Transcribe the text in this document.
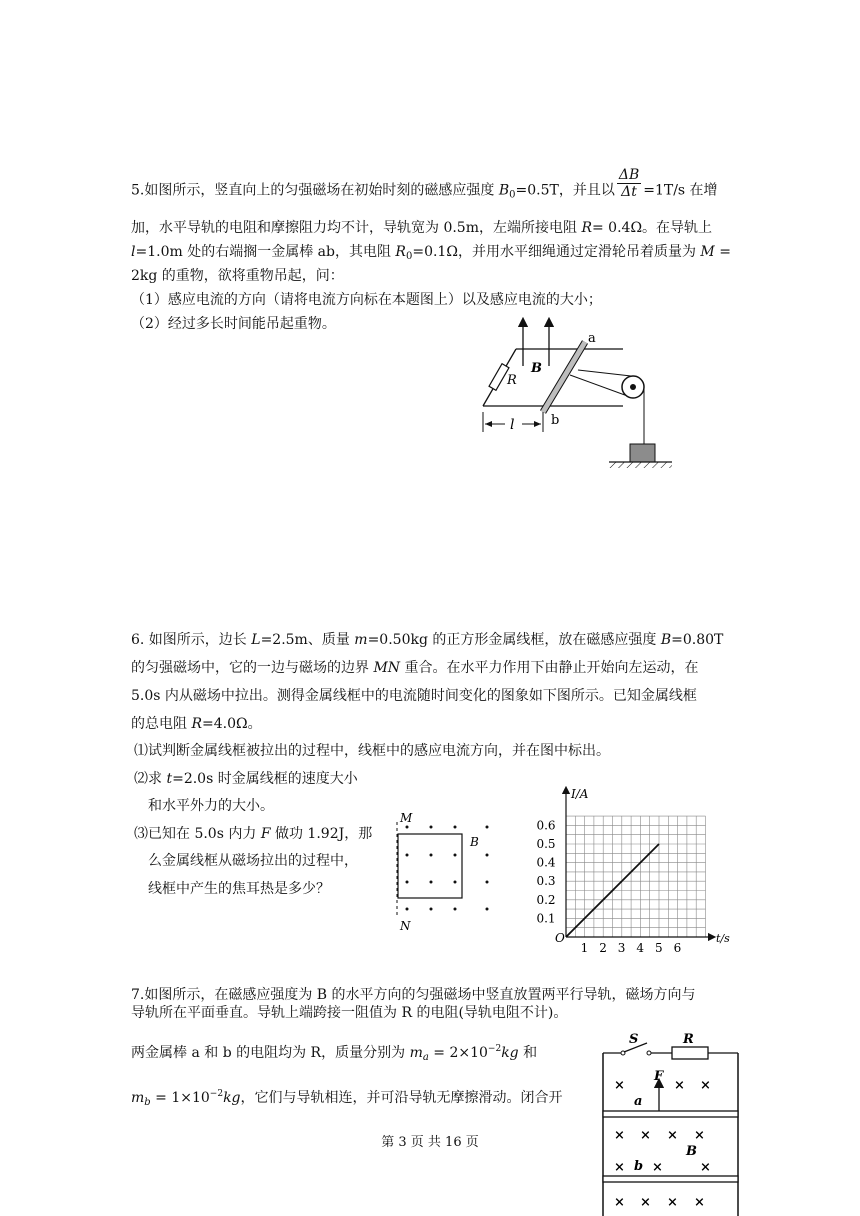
5.如图所示，竖直向上的匀强磁场在初始时刻的磁感应强度 $B_0=0.5T$，并且以 $\frac{\Delta B}{\Delta t} =1T/s$ 在增
加，水平导轨的电阻和摩擦阻力均不计，导轨宽为 0.5m，左端所接电阻 R= 0.4Ω。在导轨上
l=1.0m 处的右端搁一金属棒 ab，其电阻 $R_0=0.1\Omega$，并用水平细绳通过定滑轮吊着质量为 M =
2kg 的重物，欲将重物吊起，问：
（1）感应电流的方向（请将电流方向标在本题图上）以及感应电流的大小；
（2）经过多长时间能吊起重物。
R
B
a
b
l
6. 如图所示，边长 L=2.5m、质量 m=0.50kg 的正方形金属线框，放在磁感应强度 B=0.80T
的匀强磁场中，它的一边与磁场的边界 MN 重合。在水平力作用下由静止开始向左运动，在
5.0s 内从磁场中拉出。测得金属线框中的电流随时间变化的图象如下图所示。已知金属线框
的总电阻 R=4.0Ω。
⑴试判断金属线框被拉出的过程中，线框中的感应电流方向，并在图中标出。
⑵求 t=2.0s 时金属线框的速度大小
和水平外力的大小。
⑶已知在 5.0s 内力 F 做功 1.92J，那
么金属线框从磁场拉出的过程中，
线框中产生的焦耳热是多少？
M
N
B
I/A
t/s
O
1 2 3 4 5 6
0.1
0.2
0.3
0.4
0.5
0.6
7.如图所示，在磁感应强度为 B 的水平方向的匀强磁场中竖直放置两平行导轨，磁场方向与
导轨所在平面垂直。导轨上端跨接一阻值为 R 的电阻(导轨电阻不计)。
两金属棒 a 和 b 的电阻均为 R，质量分别为 $m_a = 2\times 10^{-2}kg$ 和
$m_b = 1\times 10^{-2}kg$，它们与导轨相连，并可沿导轨无摩擦滑动。闭合开
S	R
a
b
B
F
×	× ×
× × × ×
× ×	×
× × × ×
第 3 页 共 16 页
